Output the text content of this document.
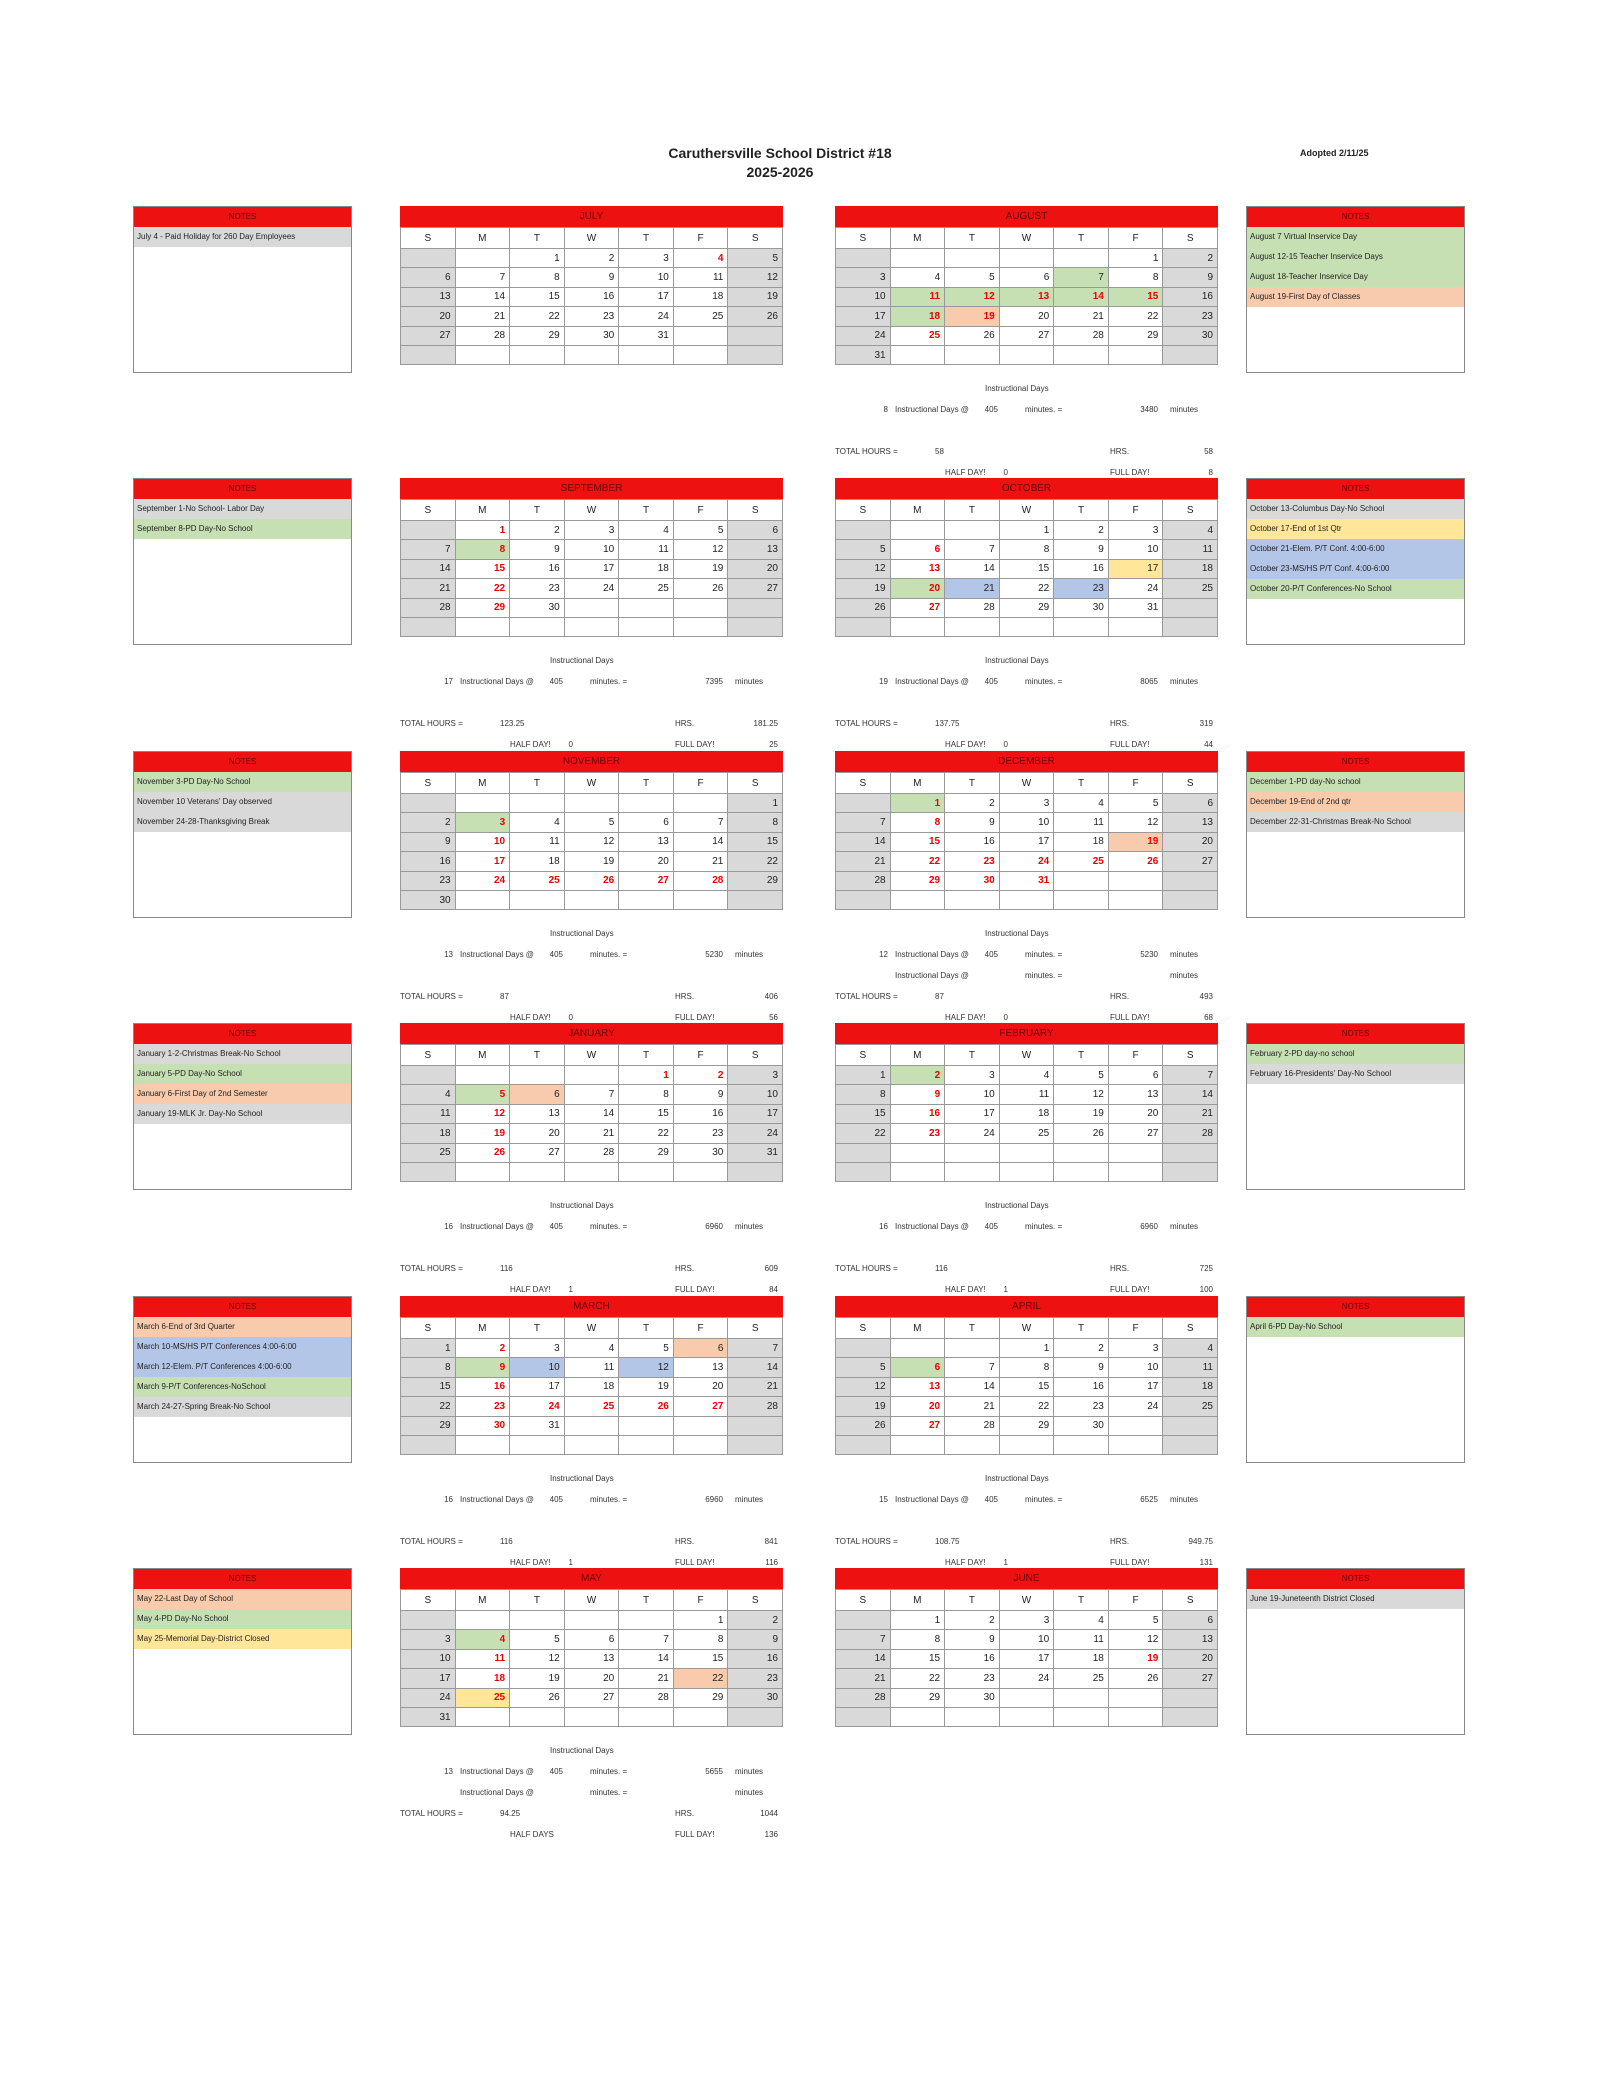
Caruthersville School District #18
2025-2026
Adopted 2/11/25
NOTES
July 4 - Paid Holiday for 260 Day Employees
JULY
S	M	T	W	T	F	S
		1	2	3	4	5
6	7	8	9	10	11	12
13	14	15	16	17	18	19
20	21	22	23	24	25	26
27	28	29	30	31		

AUGUST
S	M	T	W	T	F	S
					1	2
3	4	5	6	7	8	9
10	11	12	13	14	15	16
17	18	19	20	21	22	23
24	25	26	27	28	29	30
31						
NOTES
August 7 Virtual Inservice Day
August 12-15 Teacher Inservice Days
August 18-Teacher Inservice Day
August 19-First Day of Classes
Instructional Days
8 Instructional Days @ 405	minutes. =	3480 minutes
TOTAL HOURS =	58	HRS.	58
HALF DAY! 0	FULL DAY!	8
NOTES
September 1-No School- Labor Day
September 8-PD Day-No School
SEPTEMBER
S	M	T	W	T	F	S
	1	2	3	4	5	6
7	8	9	10	11	12	13
14	15	16	17	18	19	20
21	22	23	24	25	26	27
28	29	30				

OCTOBER
S	M	T	W	T	F	S
			1	2	3	4
5	6	7	8	9	10	11
12	13	14	15	16	17	18
19	20	21	22	23	24	25
26	27	28	29	30	31	

NOTES
October 13-Columbus Day-No School
October 17-End of 1st Qtr
October 21-Elem. P/T Conf. 4:00-6:00
October 23-MS/HS P/T Conf. 4:00-6:00
October 20-P/T Conferences-No School
Instructional Days
17 Instructional Days @ 405	minutes. =	7395 minutes
TOTAL HOURS =	123.25	HRS.	181.25
HALF DAY! 0	FULL DAY!	25
Instructional Days
19 Instructional Days @ 405	minutes. =	8065 minutes
TOTAL HOURS =	137.75	HRS.	319
HALF DAY! 0	FULL DAY!	44
NOTES
November 3-PD Day-No School
November 10 Veterans' Day observed
November 24-28-Thanksgiving Break
NOVEMBER
S	M	T	W	T	F	S
						1
2	3	4	5	6	7	8
9	10	11	12	13	14	15
16	17	18	19	20	21	22
23	24	25	26	27	28	29
30						
DECEMBER
S	M	T	W	T	F	S
	1	2	3	4	5	6
7	8	9	10	11	12	13
14	15	16	17	18	19	20
21	22	23	24	25	26	27
28	29	30	31			

NOTES
December 1-PD day-No school
December 19-End of 2nd qtr
December 22-31-Christmas Break-No School
Instructional Days
13 Instructional Days @ 405	minutes. =	5230 minutes
TOTAL HOURS =	87	HRS.	406
HALF DAY! 0	FULL DAY!	56
Instructional Days
12 Instructional Days @ 405	minutes. =	5230 minutes
Instructional Days @	minutes. =	minutes
TOTAL HOURS =	87	HRS.	493
HALF DAY! 0	FULL DAY!	68
NOTES
January 1-2-Christmas Break-No School
January 5-PD Day-No School
January 6-First Day of 2nd Semester
January 19-MLK Jr. Day-No School
JANUARY
S	M	T	W	T	F	S
				1	2	3
4	5	6	7	8	9	10
11	12	13	14	15	16	17
18	19	20	21	22	23	24
25	26	27	28	29	30	31

FEBRUARY
S	M	T	W	T	F	S
1	2	3	4	5	6	7
8	9	10	11	12	13	14
15	16	17	18	19	20	21
22	23	24	25	26	27	28

NOTES
February 2-PD day-no school
February 16-Presidents' Day-No School
Instructional Days
16 Instructional Days @ 405	minutes. =	6960 minutes
TOTAL HOURS =	116	HRS.	609
HALF DAY! 1	FULL DAY!	84
Instructional Days
16 Instructional Days @ 405	minutes. =	6960 minutes
TOTAL HOURS =	116	HRS.	725
HALF DAY! 1	FULL DAY!	100
NOTES
March 6-End of 3rd Quarter
March 10-MS/HS P/T Conferences 4:00-6:00
March 12-Elem. P/T Conferences 4:00-6:00
March 9-P/T Conferences-NoSchool
March 24-27-Spring Break-No School
MARCH
S	M	T	W	T	F	S
1	2	3	4	5	6	7
8	9	10	11	12	13	14
15	16	17	18	19	20	21
22	23	24	25	26	27	28
29	30	31				

APRIL
S	M	T	W	T	F	S
			1	2	3	4
5	6	7	8	9	10	11
12	13	14	15	16	17	18
19	20	21	22	23	24	25
26	27	28	29	30		

NOTES
April 6-PD Day-No School
Instructional Days
16 Instructional Days @ 405	minutes. =	6960 minutes
TOTAL HOURS =	116	HRS.	841
HALF DAY! 1	FULL DAY!	116
Instructional Days
15 Instructional Days @ 405	minutes. =	6525 minutes
TOTAL HOURS =	108.75	HRS.	949.75
HALF DAY! 1	FULL DAY!	131
NOTES
May 22-Last Day of School
May 4-PD Day-No School
May 25-Memorial Day-District Closed
MAY
S	M	T	W	T	F	S
					1	2
3	4	5	6	7	8	9
10	11	12	13	14	15	16
17	18	19	20	21	22	23
24	25	26	27	28	29	30
31						
JUNE
S	M	T	W	T	F	S
	1	2	3	4	5	6
7	8	9	10	11	12	13
14	15	16	17	18	19	20
21	22	23	24	25	26	27
28	29	30				

NOTES
June 19-Juneteenth District Closed
Instructional Days
13 Instructional Days @ 405	minutes. =	5655 minutes
Instructional Days @	minutes. =	minutes
TOTAL HOURS =	94.25	HRS.	1044
HALF DAYS	FULL DAY!	136
